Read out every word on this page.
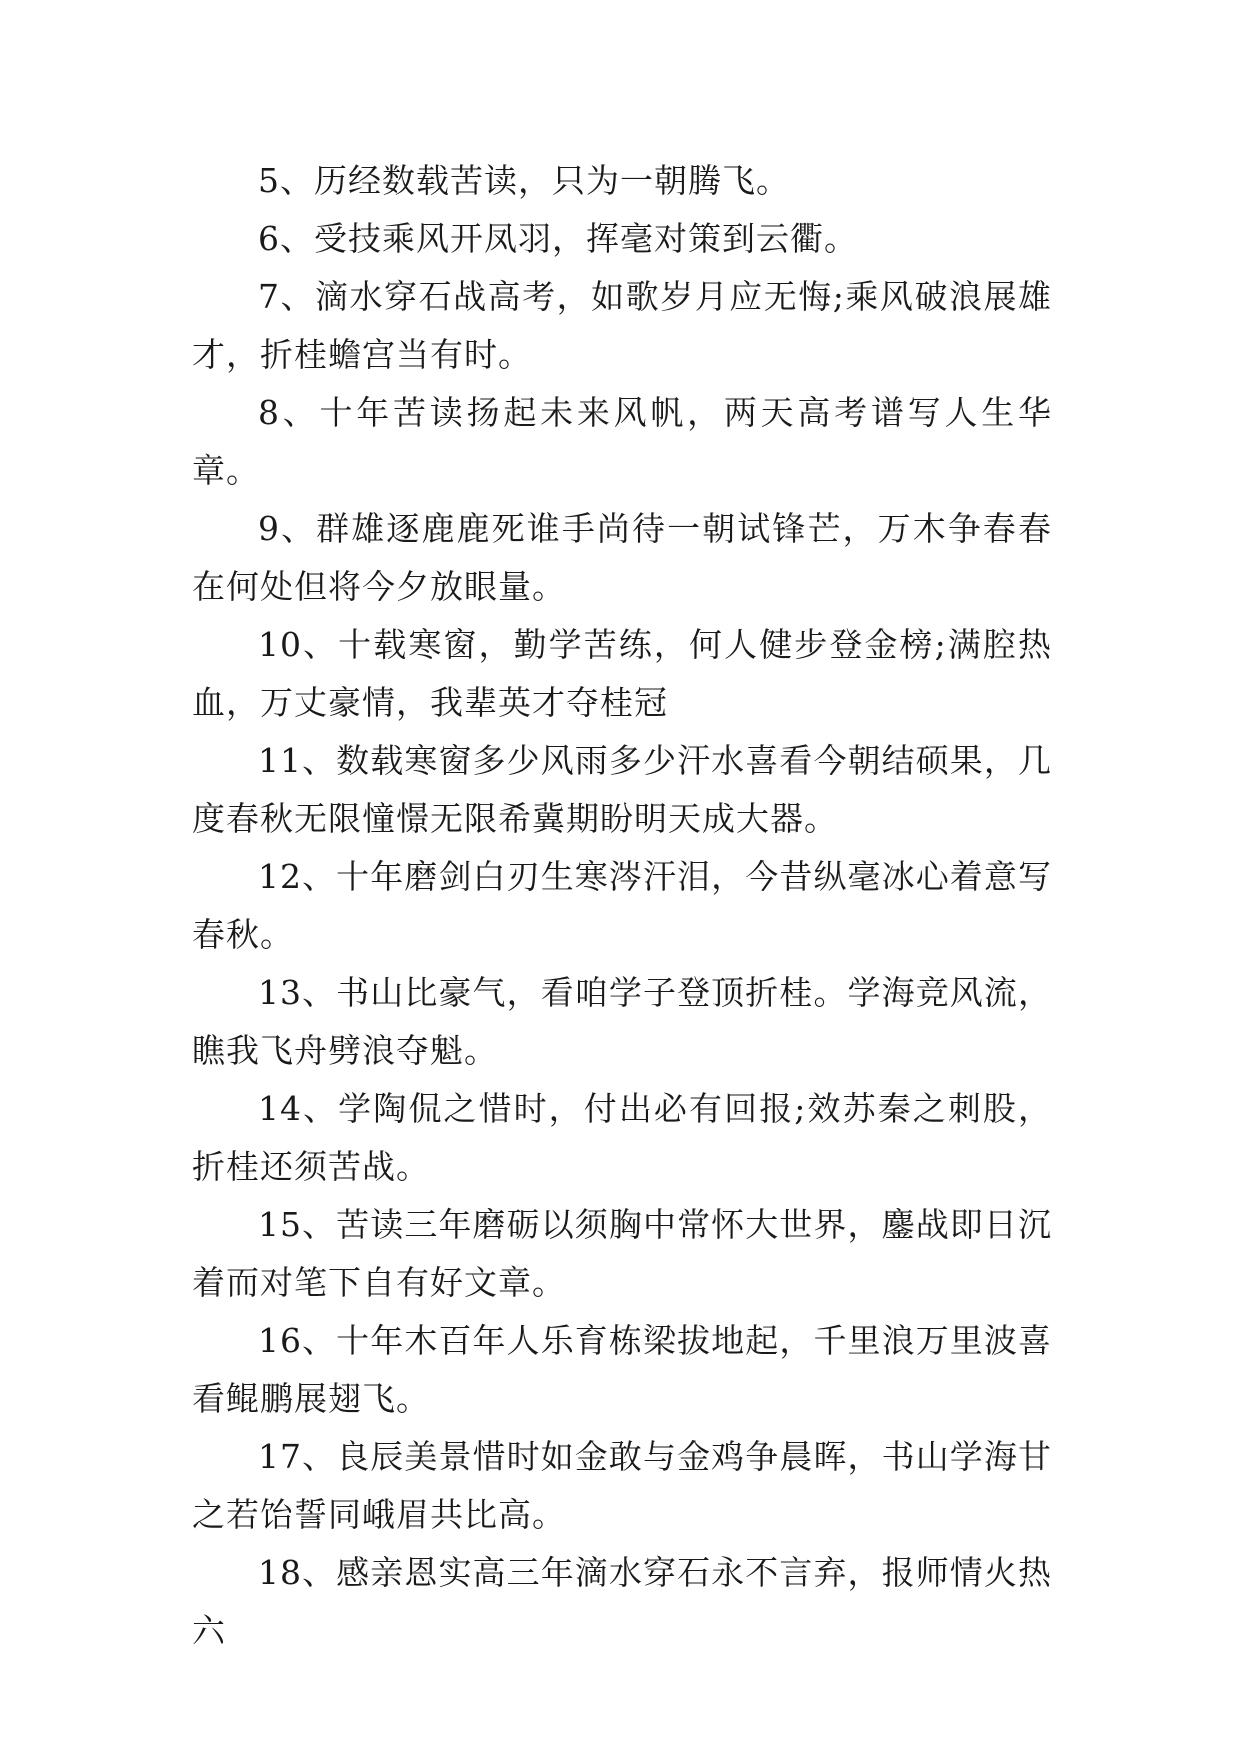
5、历经数载苦读，只为一朝腾飞。

6、受技乘风开凤羽，挥毫对策到云衢。

7、滴水穿石战高考，如歌岁月应无悔;乘风破浪展雄才，折桂蟾宫当有时。

8、十年苦读扬起未来风帆，两天高考谱写人生华章。

9、群雄逐鹿鹿死谁手尚待一朝试锋芒，万木争春春在何处但将今夕放眼量。

10、十载寒窗，勤学苦练，何人健步登金榜;满腔热血，万丈豪情，我辈英才夺桂冠

11、数载寒窗多少风雨多少汗水喜看今朝结硕果，几度春秋无限憧憬无限希冀期盼明天成大器。

12、十年磨剑白刃生寒涔汗泪，今昔纵毫冰心着意写春秋。

13、书山比豪气，看咱学子登顶折桂。学海竞风流，瞧我飞舟劈浪夺魁。

14、学陶侃之惜时，付出必有回报;效苏秦之刺股，折桂还须苦战。

15、苦读三年磨砺以须胸中常怀大世界，鏖战即日沉着而对笔下自有好文章。

16、十年木百年人乐育栋梁拔地起，千里浪万里波喜看鲲鹏展翅飞。

17、良辰美景惜时如金敢与金鸡争晨晖，书山学海甘之若饴誓同峨眉共比高。

18、感亲恩实高三年滴水穿石永不言弃，报师情火热六
